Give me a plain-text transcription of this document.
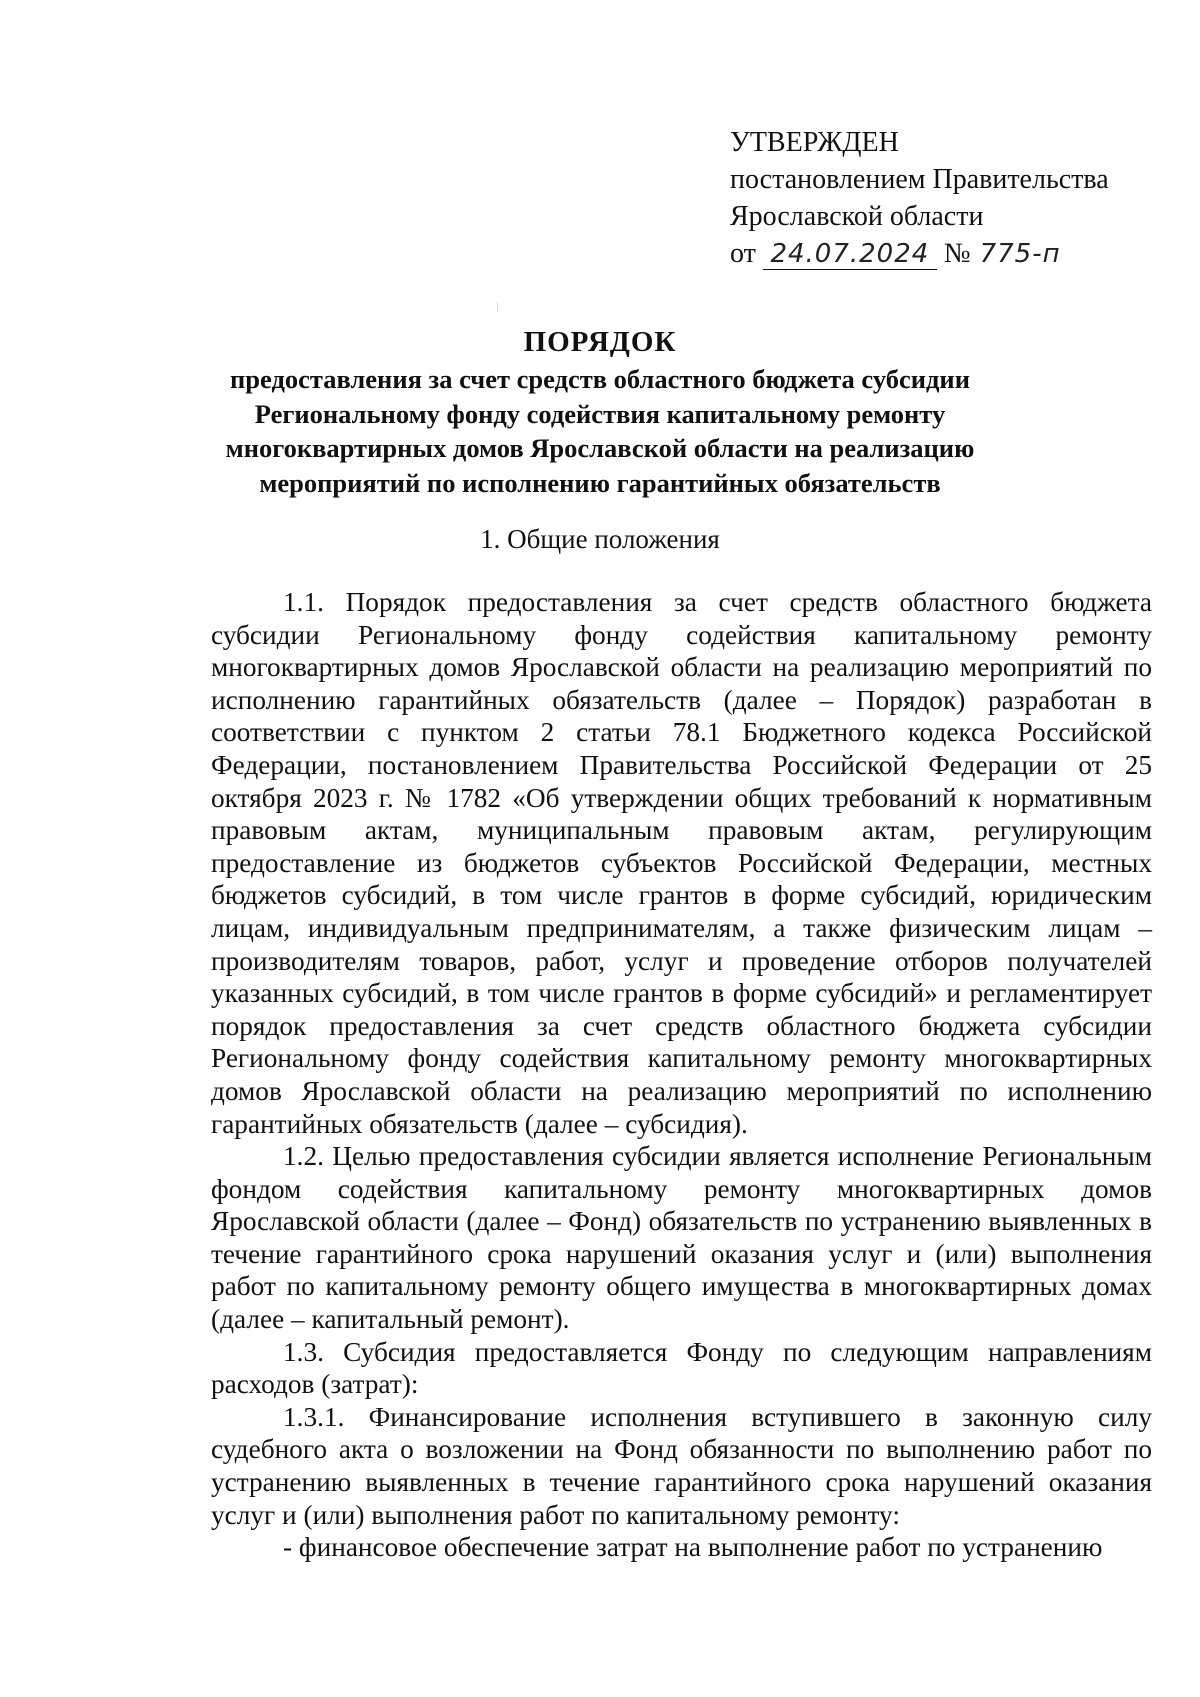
УТВЕРЖДЕН
постановлением Правительства
Ярославской области
от 24.07.2024 № 775-п
ПОРЯДОК
предоставления за счет средств областного бюджета субсидии
Региональному фонду содействия капитальному ремонту
многоквартирных домов Ярославской области на реализацию
мероприятий по исполнению гарантийных обязательств
1. Общие положения

1.1. Порядок предоставления за счет средств областного бюджета субсидии Региональному фонду содействия капитальному ремонту многоквартирных домов Ярославской области на реализацию мероприятий по исполнению гарантийных обязательств (далее – Порядок) разработан в соответствии с пунктом 2 статьи 78.1 Бюджетного кодекса Российской Федерации, постановлением Правительства Российской Федерации от 25 октября 2023 г. № 1782 «Об утверждении общих требований к нормативным правовым актам, муниципальным правовым актам, регулирующим предоставление из бюджетов субъектов Российской Федерации, местных бюджетов субсидий, в том числе грантов в форме субсидий, юридическим лицам, индивидуальным предпринимателям, а также физическим лицам – производителям товаров, работ, услуг и проведение отборов получателей указанных субсидий, в том числе грантов в форме субсидий» и регламентирует порядок предоставления за счет средств областного бюджета субсидии Региональному фонду содействия капитальному ремонту многоквартирных домов Ярославской области на реализацию мероприятий по исполнению гарантийных обязательств (далее – субсидия).

1.2. Целью предоставления субсидии является исполнение Региональным фондом содействия капитальному ремонту многоквартирных домов Ярославской области (далее – Фонд) обязательств по устранению выявленных в течение гарантийного срока нарушений оказания услуг и (или) выполнения работ по капитальному ремонту общего имущества в многоквартирных домах (далее – капитальный ремонт).

1.3. Субсидия предоставляется Фонду по следующим направлениям расходов (затрат):

1.3.1. Финансирование исполнения вступившего в законную силу судебного акта о возложении на Фонд обязанности по выполнению работ по устранению выявленных в течение гарантийного срока нарушений оказания услуг и (или) выполнения работ по капитальному ремонту:

- финансовое обеспечение затрат на выполнение работ по устранению
